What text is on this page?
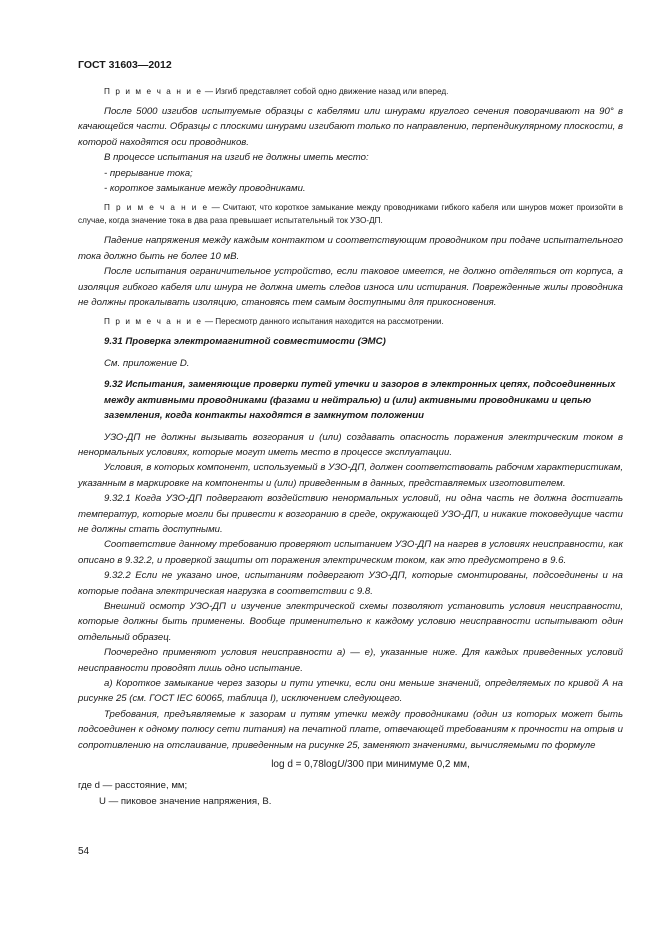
ГОСТ 31603—2012

П р и м е ч а н и е — Изгиб представляет собой одно движение назад или вперед.

После 5000 изгибов испытуемые образцы с кабелями или шнурами круглого сечения поворачивают на 90° в качающейся части. Образцы с плоскими шнурами изгибают только по направлению, перпендикулярному плоскости, в которой находятся оси проводников.

В процессе испытания на изгиб не должны иметь место:

- прерывание тока;

- короткое замыкание между проводниками.

П р и м е ч а н и е — Считают, что короткое замыкание между проводниками гибкого кабеля или шнуров может произойти в случае, когда значение тока в два раза превышает испытательный ток УЗО-ДП.

Падение напряжения между каждым контактом и соответствующим проводником при подаче испытательного тока должно быть не более 10 мВ.

После испытания ограничительное устройство, если таковое имеется, не должно отделяться от корпуса, а изоляция гибкого кабеля или шнура не должна иметь следов износа или истирания. Поврежденные жилы проводника не должны прокалывать изоляцию, становясь тем самым доступными для прикосновения.

П р и м е ч а н и е — Пересмотр данного испытания находится на рассмотрении.

9.31 Проверка электромагнитной совместимости (ЭМС)

См. приложение D.

9.32 Испытания, заменяющие проверки путей утечки и зазоров в электронных цепях, подсоединенных между активными проводниками (фазами и нейтралью) и (или) активными проводниками и цепью заземления, когда контакты находятся в замкнутом положении

УЗО-ДП не должны вызывать возгорания и (или) создавать опасность поражения электрическим током в ненормальных условиях, которые могут иметь место в процессе эксплуатации.

Условия, в которых компонент, используемый в УЗО-ДП, должен соответствовать рабочим характеристикам, указанным в маркировке на компоненты и (или) приведенным в данных, представляемых изготовителем.

9.32.1 Когда УЗО-ДП подвергают воздействию ненормальных условий, ни одна часть не должна достигать температур, которые могли бы привести к возгоранию в среде, окружающей УЗО-ДП, и никакие токоведущие части не должны стать доступными.

Соответствие данному требованию проверяют испытанием УЗО-ДП на нагрев в условиях неисправности, как описано в 9.32.2, и проверкой защиты от поражения электрическим током, как это предусмотрено в 9.6.

9.32.2 Если не указано иное, испытаниям подвергают УЗО-ДП, которые смонтированы, подсоединены и на которые подана электрическая нагрузка в соответствии с 9.8.

Внешний осмотр УЗО-ДП и изучение электрической схемы позволяют установить условия неисправности, которые должны быть применены. Вообще применительно к каждому условию неисправности испытывают один отдельный образец.

Поочередно применяют условия неисправности а) — е), указанные ниже. Для каждых приведенных условий неисправности проводят лишь одно испытание.

а) Короткое замыкание через зазоры и пути утечки, если они меньше значений, определяемых по кривой А на рисунке 25 (см. ГОСТ IEC 60065, таблица I), исключением следующего.

Требования, предъявляемые к зазорам и путям утечки между проводниками (один из которых может быть подсоединен к одному полюсу сети питания) на печатной плате, отвечающей требованиям к прочности на отрыв и сопротивлению на отслаивание, приведенным на рисунке 25, заменяют значениями, вычисляемыми по формуле

log d = 0,78logU/300 при минимуме 0,2 мм,

где d — расстояние, мм;

U — пиковое значение напряжения, В.

54
